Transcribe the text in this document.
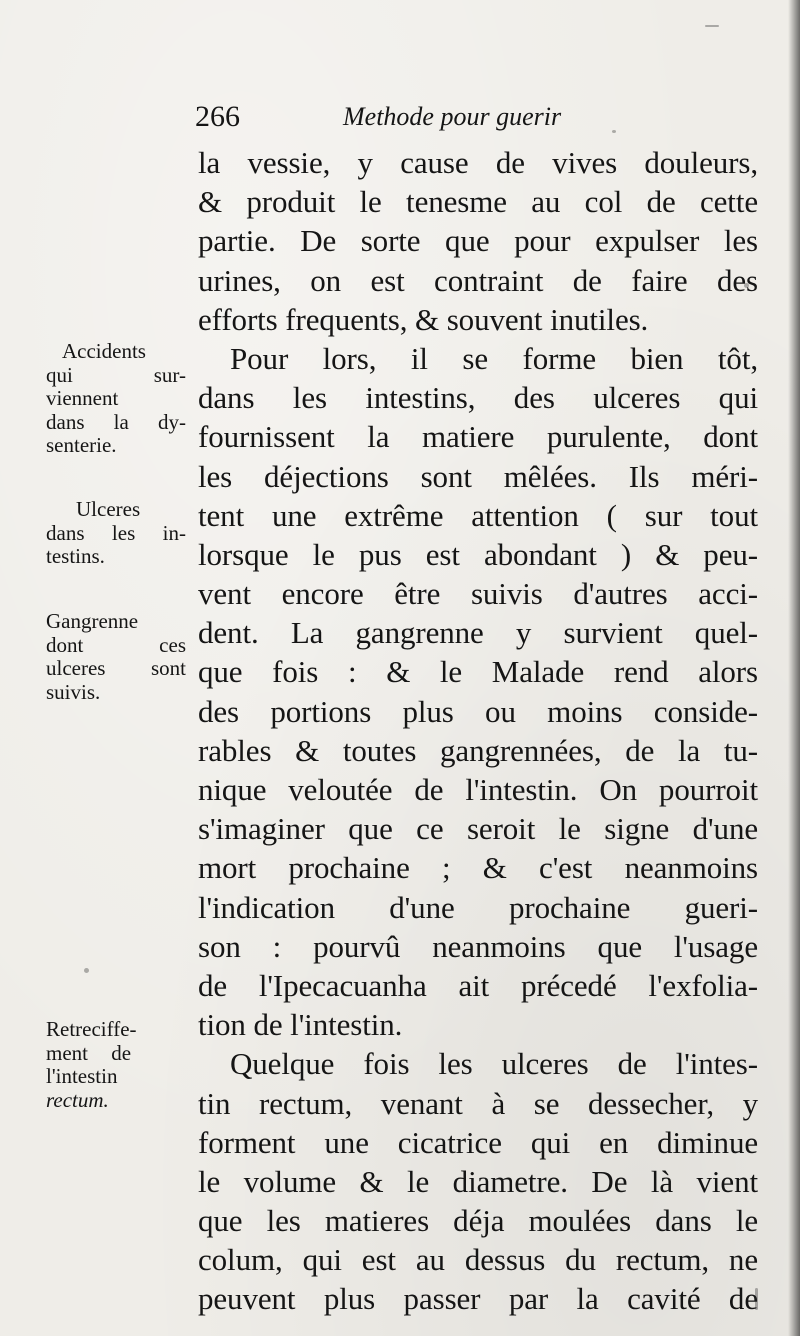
266	Methode pour guerir
la vessie, y cause de vives douleurs,
& produit le tenesme au col de cette
partie. De sorte que pour expulser les
urines, on est contraint de faire des
efforts frequents, & souvent inutiles.
Pour lors, il se forme bien tôt,
dans les intestins, des ulceres qui
fournissent la matiere purulente, dont
les déjections sont mêlées. Ils méri-
tent une extrême attention ( sur tout
lorsque le pus est abondant ) & peu-
vent encore être suivis d'autres acci-
dent. La gangrenne y survient quel-
que fois : & le Malade rend alors
des portions plus ou moins conside-
rables & toutes gangrennées, de la tu-
nique veloutée de l'intestin. On pourroit
s'imaginer que ce seroit le signe d'une
mort prochaine ; & c'est neanmoins
l'indication d'une prochaine gueri-
son : pourvû neanmoins que l'usage
de l'Ipecacuanha ait précedé l'exfolia-
tion de l'intestin.
Quelque fois les ulceres de l'intes-
tin rectum, venant à se dessecher, y
forment une cicatrice qui en diminue
le volume & le diametre. De là vient
que les matieres déja moulées dans le
colum, qui est au dessus du rectum, ne
peuvent plus passer par la cavité de
Accidents
qui sur-
viennent
dans la dy-
senterie.
Ulceres
dans les in-
testins.
Gangrenne
dont ces
ulceres sont
suivis.
Retreciffe-
ment de
l'intestin
rectum.
